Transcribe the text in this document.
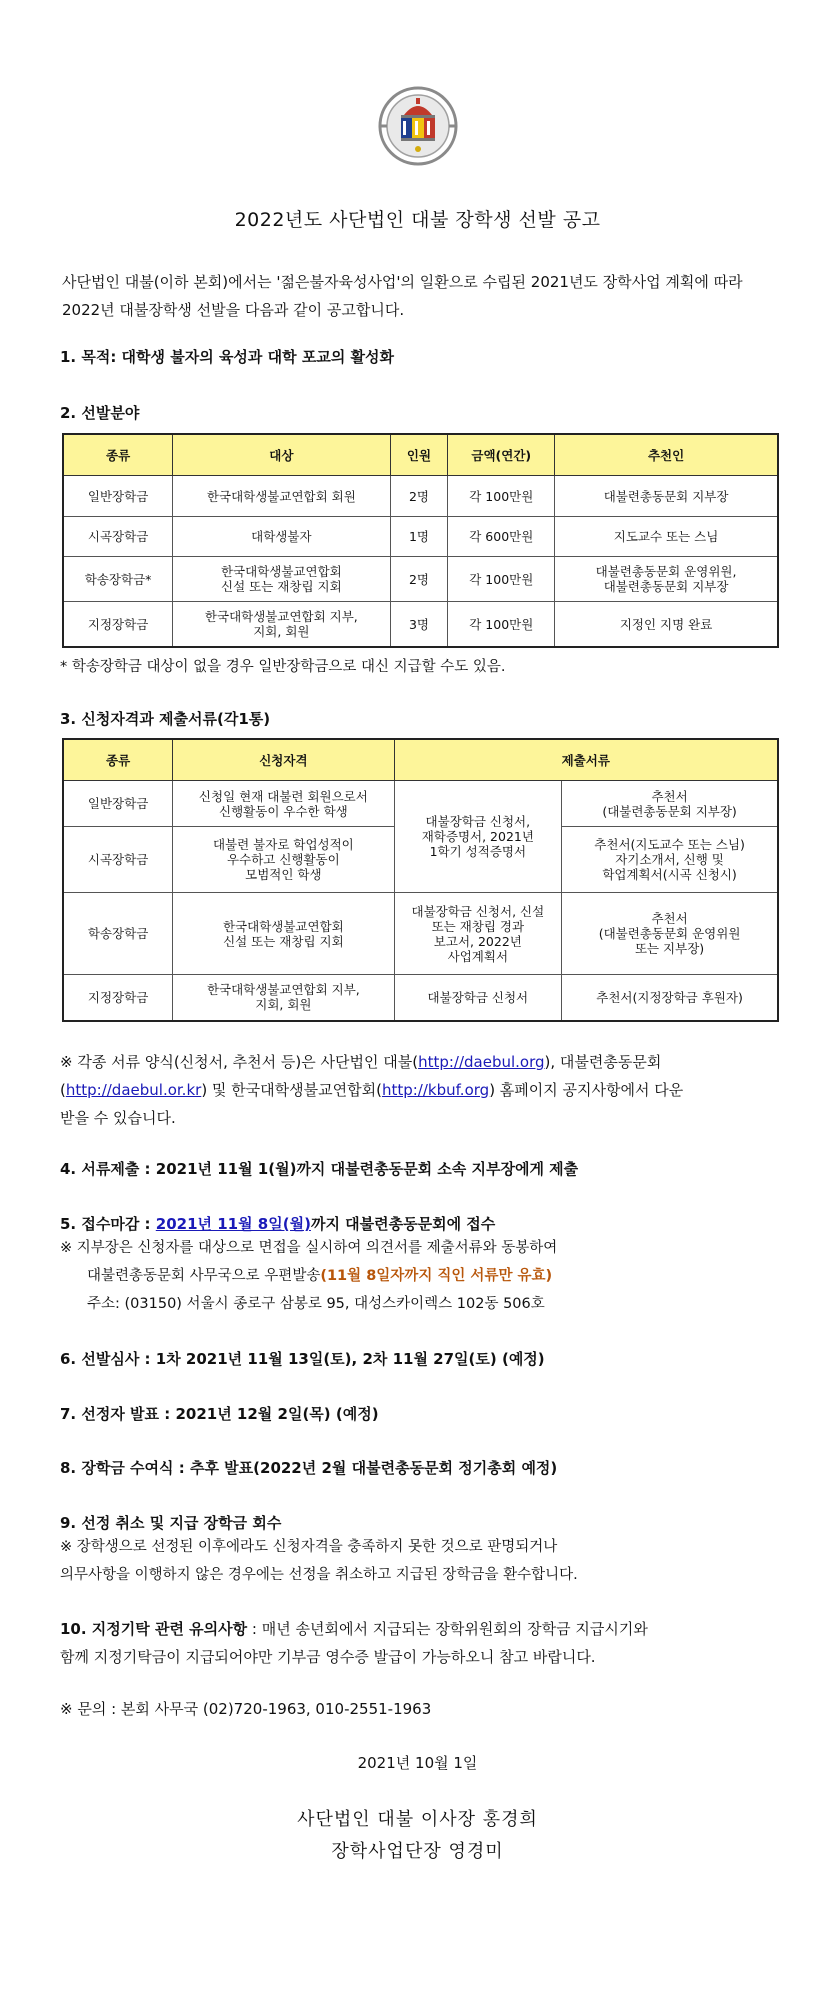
2022년도 사단법인 대불 장학생 선발 공고
사단법인 대불(이하 본회)에서는 '젊은불자육성사업'의 일환으로 수립된 2021년도 장학사업 계획에 따라 2022년 대불장학생 선발을 다음과 같이 공고합니다.
1. 목적: 대학생 불자의 육성과 대학 포교의 활성화
2. 선발분야
종류	대상	인원	금액(연간)	추천인
일반장학금	한국대학생불교연합회 회원	2명	각 100만원	대불련총동문회 지부장
시곡장학금	대학생불자	1명	각 600만원	지도교수 또는 스님
학송장학금*	한국대학생불교연합회
신설 또는 재창립 지회	2명	각 100만원	대불련총동문회 운영위원,
대불련총동문회 지부장
지정장학금	한국대학생불교연합회 지부,
지회, 회원	3명	각 100만원	지정인 지명 완료
* 학송장학금 대상이 없을 경우 일반장학금으로 대신 지급할 수도 있음.
3. 신청자격과 제출서류(각1통)
종류	신청자격	제출서류	
일반장학금	신청일 현재 대불련 회원으로서
신행활동이 우수한 학생	대불장학금 신청서,
재학증명서, 2021년
1학기 성적증명서	추천서
(대불련총동문회 지부장)
시곡장학금	대불련 불자로 학업성적이
우수하고 신행활동이
모범적인 학생		추천서(지도교수 또는 스님)
자기소개서, 신행 및
학업계획서(시곡 신청시)
학송장학금	한국대학생불교연합회
신설 또는 재창립 지회	대불장학금 신청서, 신설
또는 재창립 경과
보고서, 2022년
사업계획서	추천서
(대불련총동문회 운영위원
또는 지부장)
지정장학금	한국대학생불교연합회 지부,
지회, 회원	대불장학금 신청서	추천서(지정장학금 후원자)
※ 각종 서류 양식(신청서, 추천서 등)은 사단법인 대불(http://daebul.org), 대불련총동문회
(http://daebul.or.kr) 및 한국대학생불교연합회(http://kbuf.org) 홈페이지 공지사항에서 다운
받을 수 있습니다.
4. 서류제출 : 2021년 11월 1(월)까지 대불련총동문회 소속 지부장에게 제출
5. 접수마감 : 2021년 11월 8일(월)까지 대불련총동문회에 접수
※ 지부장은 신청자를 대상으로 면접을 실시하여 의견서를 제출서류와 동봉하여
대불련총동문회 사무국으로 우편발송(11월 8일자까지 직인 서류만 유효)
주소: (03150) 서울시 종로구 삼봉로 95, 대성스카이렉스 102동 506호
6. 선발심사 : 1차 2021년 11월 13일(토), 2차 11월 27일(토) (예정)
7. 선정자 발표 : 2021년 12월 2일(목) (예정)
8. 장학금 수여식 : 추후 발표(2022년 2월 대불련총동문회 정기총회 예정)
9. 선정 취소 및 지급 장학금 회수
※ 장학생으로 선정된 이후에라도 신청자격을 충족하지 못한 것으로 판명되거나
의무사항을 이행하지 않은 경우에는 선정을 취소하고 지급된 장학금을 환수합니다.
10. 지정기탁 관련 유의사항 : 매년 송년회에서 지급되는 장학위원회의 장학금 지급시기와
함께 지정기탁금이 지급되어야만 기부금 영수증 발급이 가능하오니 참고 바랍니다.
※ 문의 : 본회 사무국 (02)720-1963, 010-2551-1963
2021년 10월 1일
사단법인 대불 이사장 홍경희
장학사업단장 영경미
